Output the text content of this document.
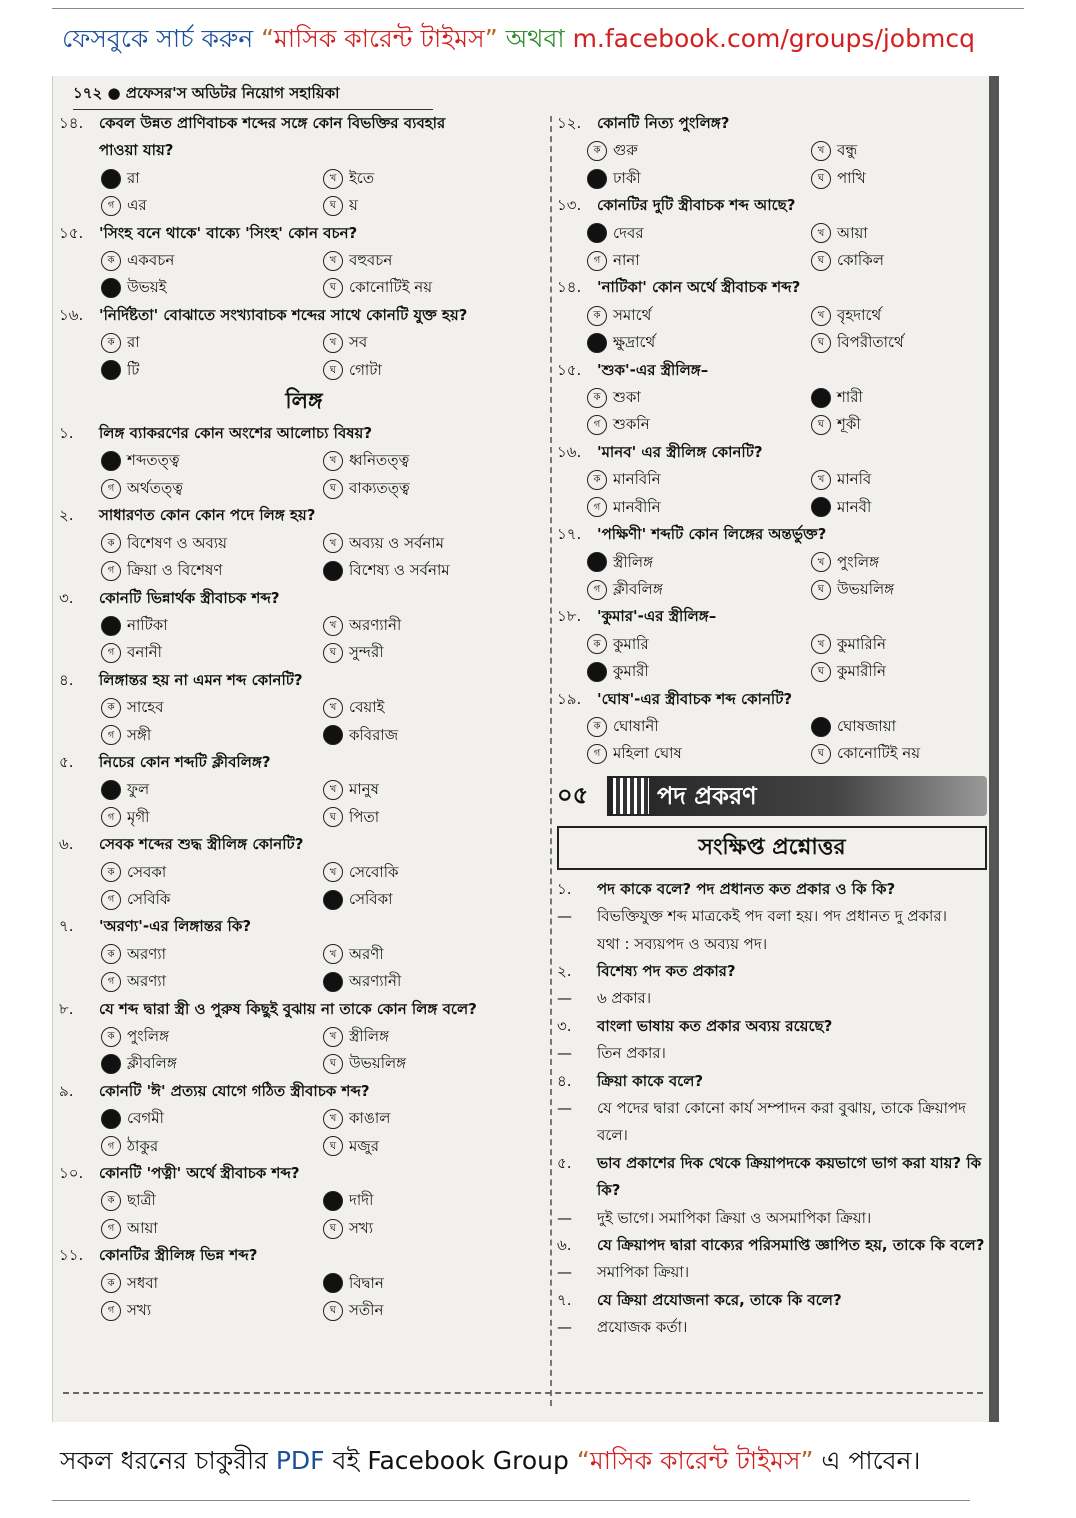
ফেসবুকে সার্চ করুন “মাসিক কারেন্ট টাইমস” অথবা m.facebook.com/groups/jobmcq
১৭২ ● প্রফেসর'স অডিটর নিয়োগ সহায়িকা
১৪.	কেবল উন্নত প্রাণিবাচক শব্দের সঙ্গে কোন বিভক্তির ব্যবহার
পাওয়া যায়?
রা	খ ইতে
গ এর	ঘ য়
১৫.	'সিংহ বনে থাকে' বাক্যে 'সিংহ' কোন বচন?
ক একবচন	খ বহুবচন
উভয়ই	ঘ কোনোটিই নয়
১৬.	'নির্দিষ্টতা' বোঝাতে সংখ্যাবাচক শব্দের সাথে কোনটি যুক্ত হয়?
ক রা	খ সব
টি	ঘ গোটা
লিঙ্গ
১.	লিঙ্গ ব্যাকরণের কোন অংশের আলোচ্য বিষয়?
শব্দতত্ত্ব	খ ধ্বনিতত্ত্ব
গ অর্থতত্ত্ব	ঘ বাক্যতত্ত্ব
২.	সাধারণত কোন কোন পদে লিঙ্গ হয়?
ক বিশেষণ ও অব্যয়	খ অব্যয় ও সর্বনাম
গ ক্রিয়া ও বিশেষণ	বিশেষ্য ও সর্বনাম
৩.	কোনটি ভিন্নার্থক স্ত্রীবাচক শব্দ?
নাটিকা	খ অরণ্যানী
গ বনানী	ঘ সুন্দরী
৪.	লিঙ্গান্তর হয় না এমন শব্দ কোনটি?
ক সাহেব	খ বেয়াই
গ সঙ্গী	কবিরাজ
৫.	নিচের কোন শব্দটি ক্লীবলিঙ্গ?
ফুল	খ মানুষ
গ মৃগী	ঘ পিতা
৬.	সেবক শব্দের শুদ্ধ স্ত্রীলিঙ্গ কোনটি?
ক সেবকা	খ সেবোকি
গ সেবিকি	সেবিকা
৭.	'অরণ্য'-এর লিঙ্গান্তর কি?
ক অরণ্যা	খ অরণী
গ অরণ্যা	অরণ্যানী
৮.	যে শব্দ দ্বারা স্ত্রী ও পুরুষ কিছুই বুঝায় না তাকে কোন লিঙ্গ বলে?
ক পুংলিঙ্গ	খ স্ত্রীলিঙ্গ
ক্লীবলিঙ্গ	ঘ উভয়লিঙ্গ
৯.	কোনটি 'ঈ' প্রত্যয় যোগে গঠিত স্ত্রীবাচক শব্দ?
বেগমী	খ কাঙাল
গ ঠাকুর	ঘ মজুর
১০.	কোনটি 'পত্নী' অর্থে স্ত্রীবাচক শব্দ?
ক ছাত্রী	দাদী
গ আয়া	ঘ সখ্য
১১.	কোনটির স্ত্রীলিঙ্গ ভিন্ন শব্দ?
ক সধবা	বিদ্বান
গ সখ্য	ঘ সতীন
১২.	কোনটি নিত্য পুংলিঙ্গ?
ক গুরু	খ বন্ধু
ঢাকী	ঘ পাখি
১৩.	কোনটির দুটি স্ত্রীবাচক শব্দ আছে?
দেবর	খ আয়া
গ নানা	ঘ কোকিল
১৪.	'নাটিকা' কোন অর্থে স্ত্রীবাচক শব্দ?
ক সমার্থে	খ বৃহদার্থে
ক্ষুদ্রার্থে	ঘ বিপরীতার্থে
১৫.	'শুক'-এর স্ত্রীলিঙ্গ–
ক শুকা	শারী
গ শুকনি	ঘ শূকী
১৬.	'মানব' এর স্ত্রীলিঙ্গ কোনটি?
ক মানবিনি	খ মানবি
গ মানবীনি	মানবী
১৭.	'পক্ষিণী' শব্দটি কোন লিঙ্গের অন্তর্ভুক্ত?
স্ত্রীলিঙ্গ	খ পুংলিঙ্গ
গ ক্লীবলিঙ্গ	ঘ উভয়লিঙ্গ
১৮.	'কুমার'-এর স্ত্রীলিঙ্গ–
ক কুমারি	খ কুমারিনি
কুমারী	ঘ কুমারীনি
১৯.	'ঘোষ'-এর স্ত্রীবাচক শব্দ কোনটি?
ক ঘোষানী	ঘোষজায়া
গ মহিলা ঘোষ	ঘ কোনোটিই নয়
০৫	পদ প্রকরণ
সংক্ষিপ্ত প্রশ্নোত্তর
১.	পদ কাকে বলে? পদ প্রধানত কত প্রকার ও কি কি?
—	বিভক্তিযুক্ত শব্দ মাত্রকেই পদ বলা হয়। পদ প্রধানত দু প্রকার।
যথা : সব্যয়পদ ও অব্যয় পদ।
২.	বিশেষ্য পদ কত প্রকার?
—	৬ প্রকার।
৩.	বাংলা ভাষায় কত প্রকার অব্যয় রয়েছে?
—	তিন প্রকার।
৪.	ক্রিয়া কাকে বলে?
—	যে পদের দ্বারা কোনো কার্য সম্পাদন করা বুঝায়, তাকে ক্রিয়াপদ বলে।
৫.	ভাব প্রকাশের দিক থেকে ক্রিয়াপদকে কয়ভাগে ভাগ করা যায়? কি কি?
—	দুই ভাগে। সমাপিকা ক্রিয়া ও অসমাপিকা ক্রিয়া।
৬.	যে ক্রিয়াপদ দ্বারা বাক্যের পরিসমাপ্তি জ্ঞাপিত হয়, তাকে কি বলে?
—	সমাপিকা ক্রিয়া।
৭.	যে ক্রিয়া প্রযোজনা করে, তাকে কি বলে?
—	প্রযোজক কর্তা।
সকল ধরনের চাকুরীর PDF বই Facebook Group “মাসিক কারেন্ট টাইমস” এ পাবেন।
